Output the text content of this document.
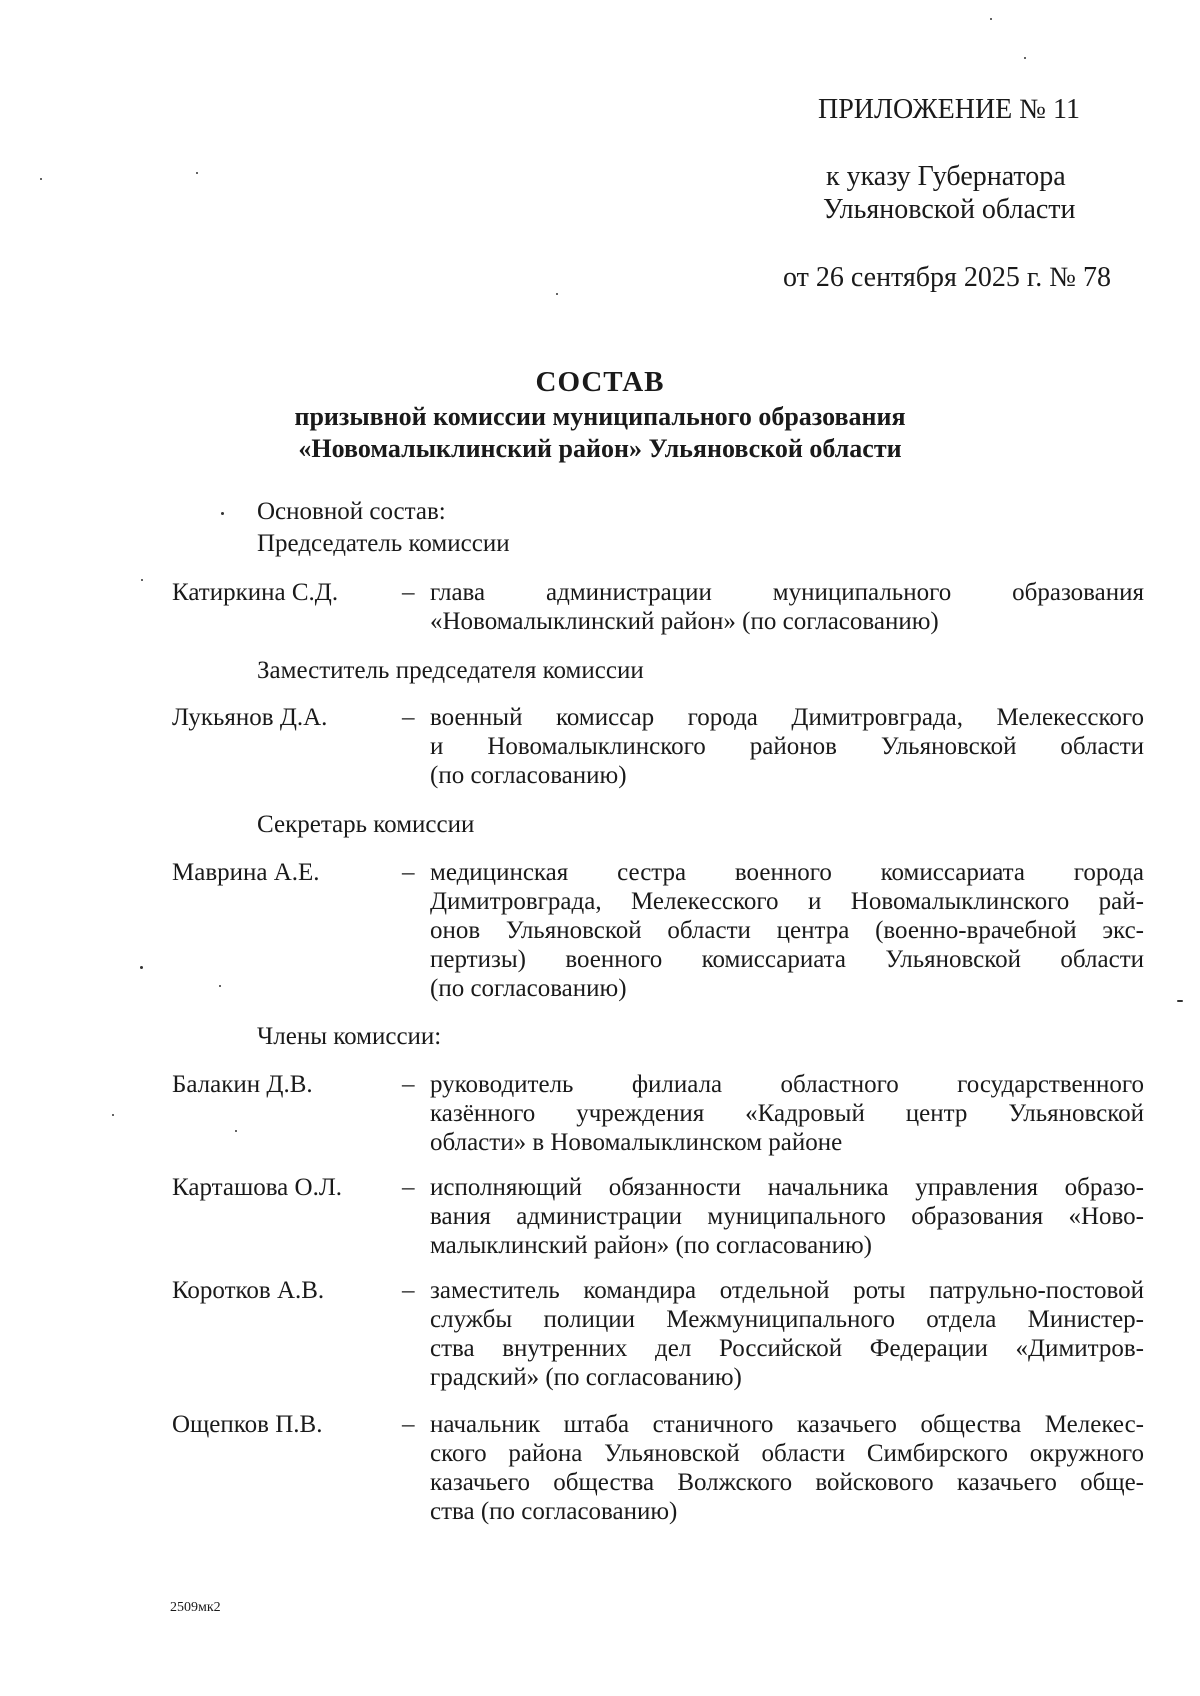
ПРИЛОЖЕНИЕ № 11
к указу Губернатора
Ульяновской области
от 26 сентября 2025 г. № 78
СОСТАВ
призывной комиссии муниципального образования
«Новомалыклинский район» Ульяновской области
Основной состав:
Председатель комиссии
Катиркина С.Д.	– глава администрации муниципального образования
«Новомалыклинский район» (по согласованию)
Заместитель председателя комиссии
Лукьянов Д.А.	– военный комиссар города Димитровграда, Мелекесского
и Новомалыклинского районов Ульяновской области
(по согласованию)
Секретарь комиссии
Маврина А.Е.	– медицинская сестра военного комиссариата города
Димитровграда, Мелекесского и Новомалыклинского рай-
онов Ульяновской области центра (военно-врачебной экс-
пертизы) военного комиссариата Ульяновской области
(по согласованию)
Члены комиссии:
Балакин Д.В.	– руководитель филиала областного государственного
казённого учреждения «Кадровый центр Ульяновской
области» в Новомалыклинском районе
Карташова О.Л. – исполняющий обязанности начальника управления образо-
вания администрации муниципального образования «Ново-
малыклинский район» (по согласованию)
Коротков А.В.	– заместитель командира отдельной роты патрульно-постовой
службы полиции Межмуниципального отдела Министер-
ства внутренних дел Российской Федерации «Димитров-
градский» (по согласованию)
Ощепков П.В.	– начальник штаба станичного казачьего общества Мелекес-
ского района Ульяновской области Симбирского окружного
казачьего общества Волжского войскового казачьего обще-
ства (по согласованию)
2509мк2
